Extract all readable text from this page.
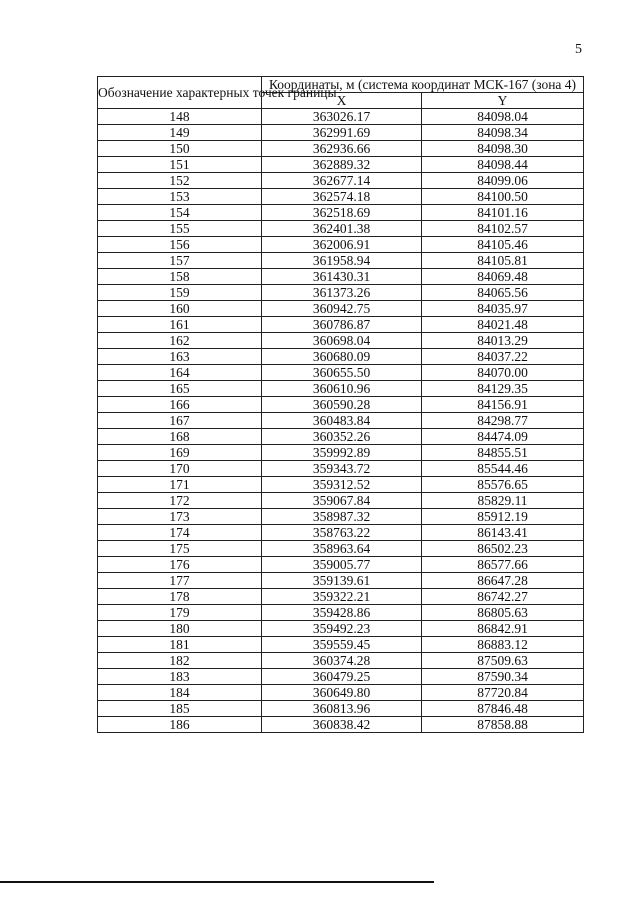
5
Обозначение характерных точек границы	Координаты, м (система координат МСК-167 (зона 4)	
	X	Y
148	363026.17	84098.04
149	362991.69	84098.34
150	362936.66	84098.30
151	362889.32	84098.44
152	362677.14	84099.06
153	362574.18	84100.50
154	362518.69	84101.16
155	362401.38	84102.57
156	362006.91	84105.46
157	361958.94	84105.81
158	361430.31	84069.48
159	361373.26	84065.56
160	360942.75	84035.97
161	360786.87	84021.48
162	360698.04	84013.29
163	360680.09	84037.22
164	360655.50	84070.00
165	360610.96	84129.35
166	360590.28	84156.91
167	360483.84	84298.77
168	360352.26	84474.09
169	359992.89	84855.51
170	359343.72	85544.46
171	359312.52	85576.65
172	359067.84	85829.11
173	358987.32	85912.19
174	358763.22	86143.41
175	358963.64	86502.23
176	359005.77	86577.66
177	359139.61	86647.28
178	359322.21	86742.27
179	359428.86	86805.63
180	359492.23	86842.91
181	359559.45	86883.12
182	360374.28	87509.63
183	360479.25	87590.34
184	360649.80	87720.84
185	360813.96	87846.48
186	360838.42	87858.88
